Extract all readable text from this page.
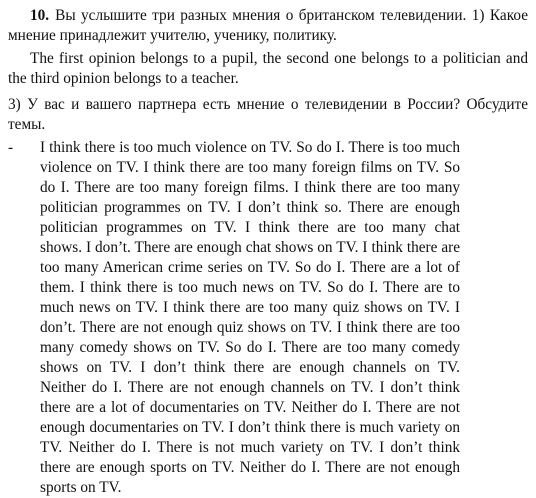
10. Вы услышите три разных мнения о британском телевидении. 1) Какое мнение принадлежит учителю, ученику, политику.

The first opinion belongs to a pupil, the second one belongs to a politician and the third opinion belongs to a teacher.

3) У вас и вашего партнера есть мнение о телевидении в России? Обсудите темы.

-	I think there is too much violence on TV. So do I. There is too much violence on TV. I think there are too many foreign films on TV. So do I. There are too many foreign films. I think there are too many politician programmes on TV. I don’t think so. There are enough politician programmes on TV. I think there are too many chat shows. I don’t. There are enough chat shows on TV. I think there are too many American crime series on TV. So do I. There are a lot of them. I think there is too much news on TV. So do I. There are to much news on TV. I think there are too many quiz shows on TV. I don’t. There are not enough quiz shows on TV. I think there are too many comedy shows on TV. So do I. There are too many comedy shows on TV. I don’t think there are enough channels on TV. Neither do I. There are not enough channels on TV. I don’t think there are a lot of documentaries on TV. Neither do I. There are not enough documentaries on TV. I don’t think there is much variety on TV. Neither do I. There is not much variety on TV. I don’t think there are enough sports on TV. Neither do I. There are not enough sports on TV.
